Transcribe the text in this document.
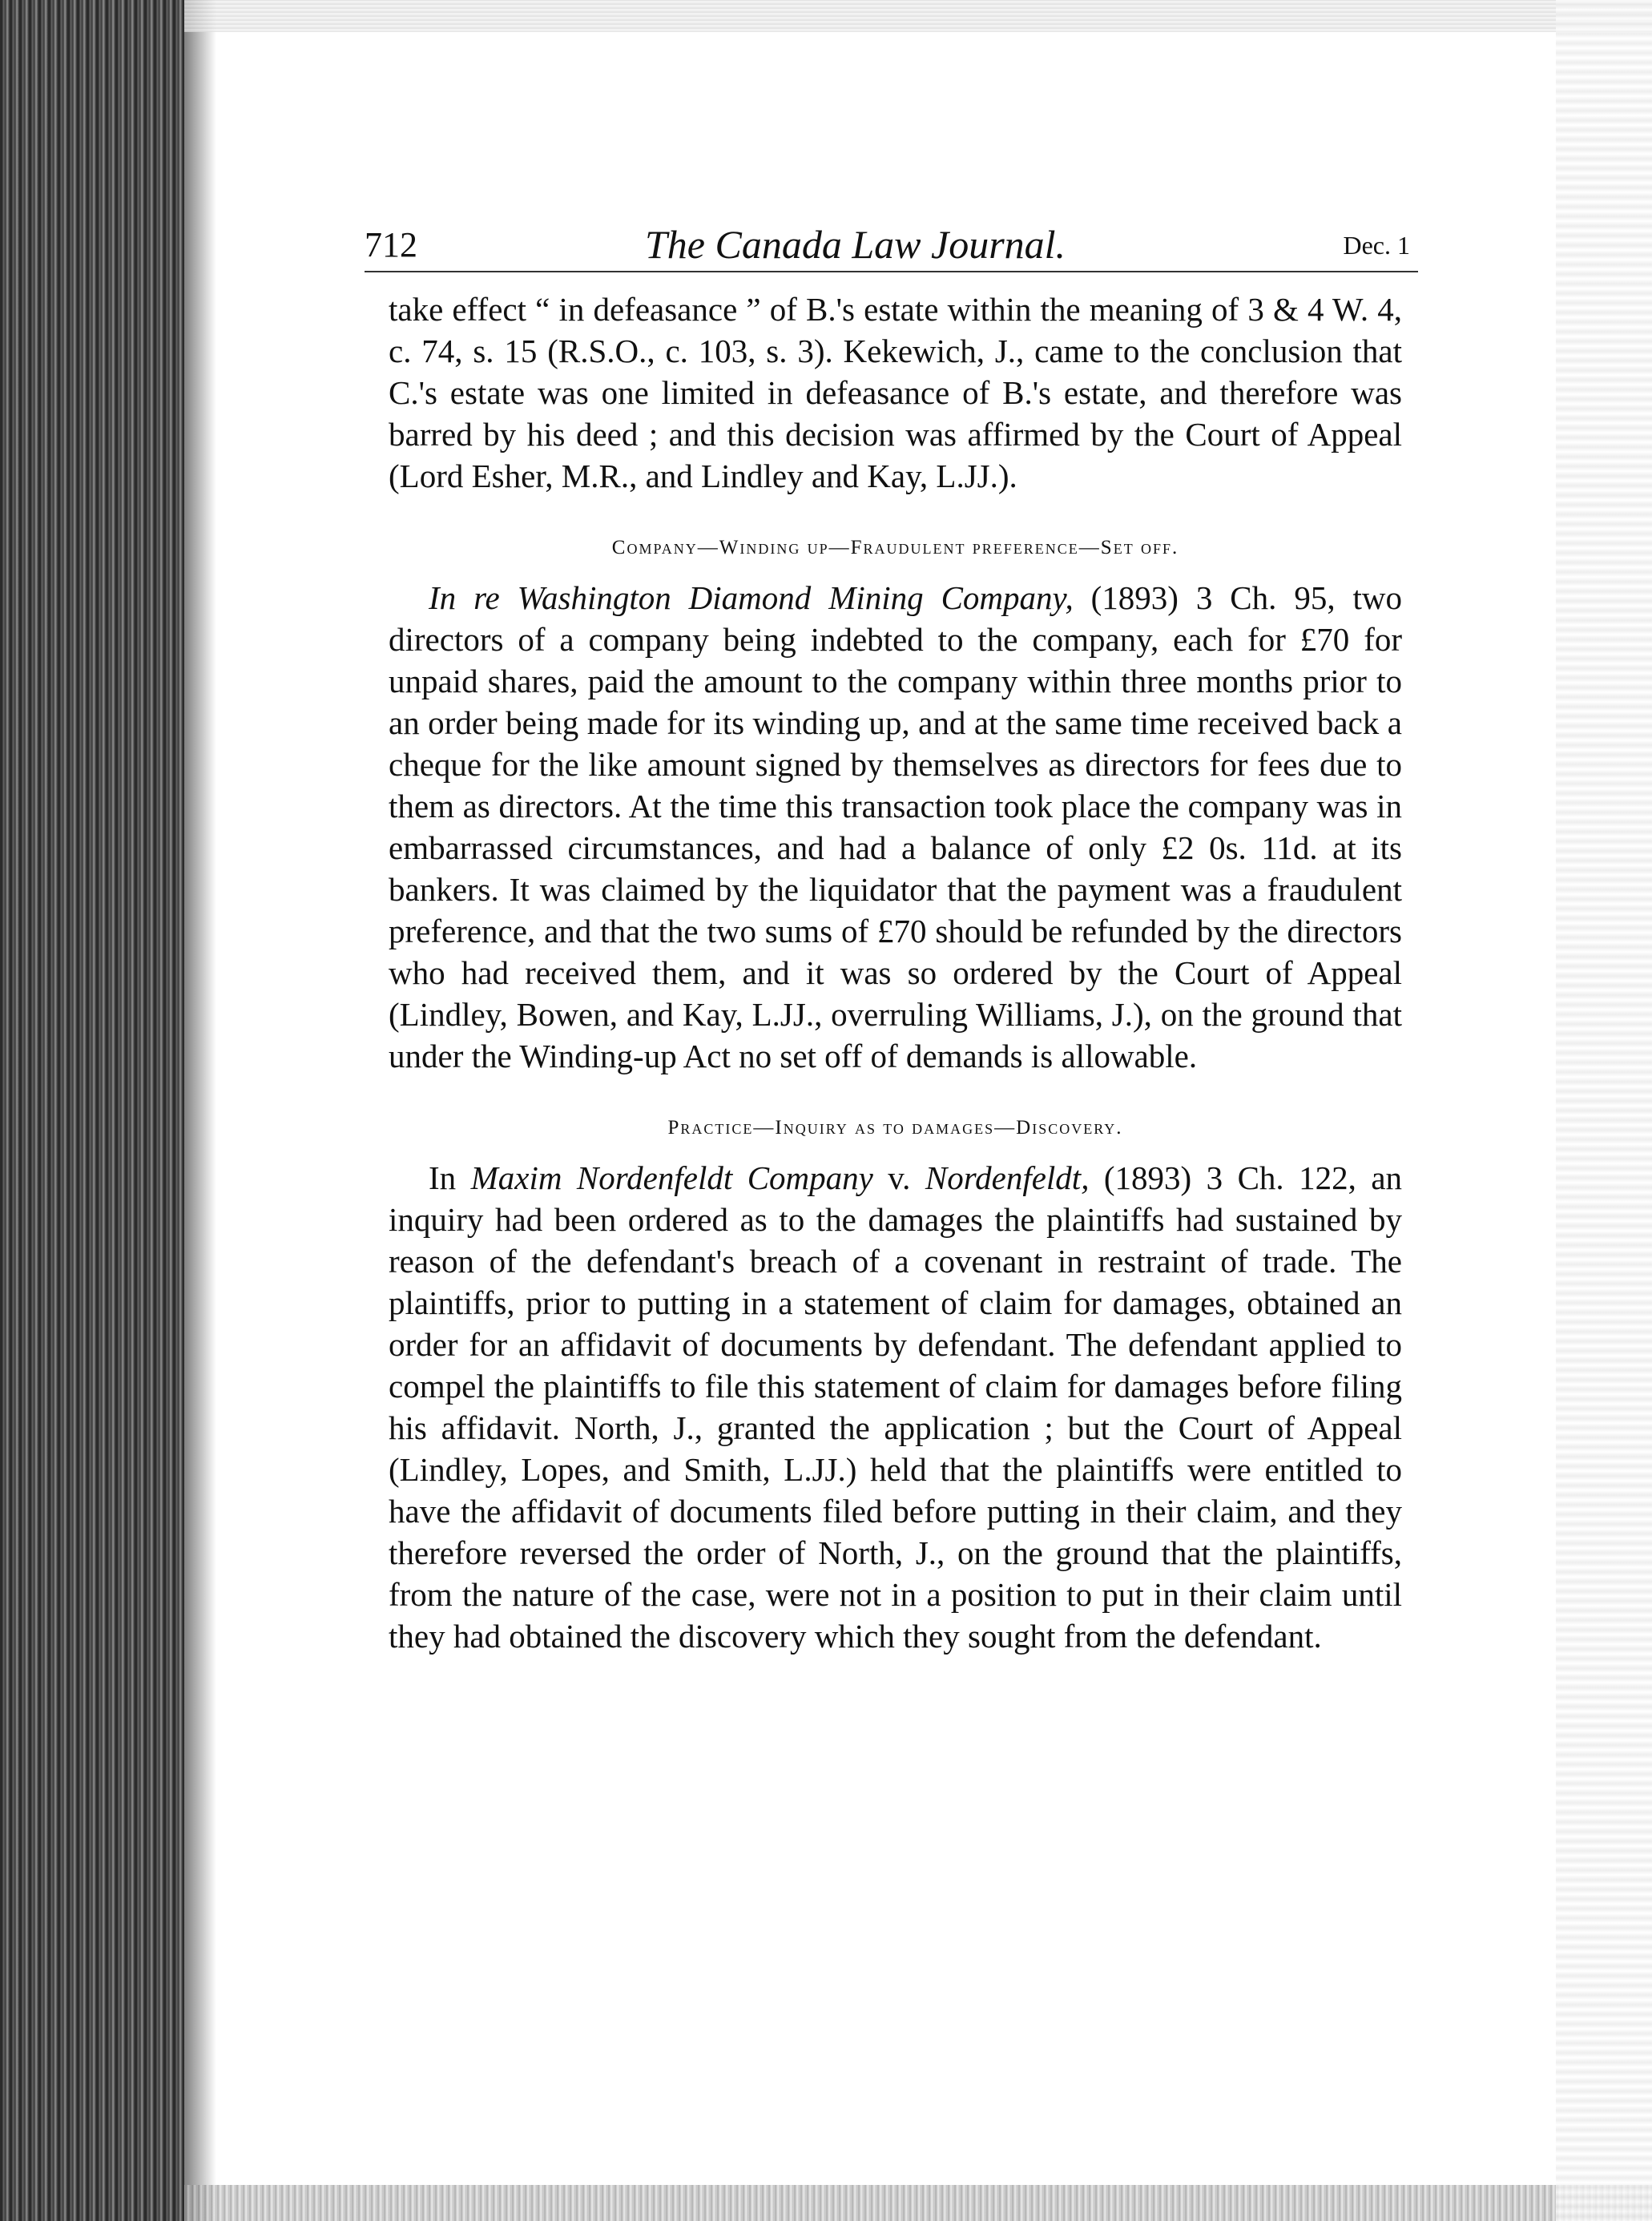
712	The Canada Law Journal.	Dec. 1

take effect “ in defeasance ” of B.'s estate within the meaning of 3 & 4 W. 4, c. 74, s. 15 (R.S.O., c. 103, s. 3). Kekewich, J., came to the conclusion that C.'s estate was one limited in defeasance of B.'s estate, and therefore was barred by his deed ; and this decision was affirmed by the Court of Appeal (Lord Esher, M.R., and Lindley and Kay, L.JJ.).

Company—Winding up—Fraudulent preference—Set off.

In re Washington Diamond Mining Company, (1893) 3 Ch. 95, two directors of a company being indebted to the company, each for £70 for unpaid shares, paid the amount to the company within three months prior to an order being made for its winding up, and at the same time received back a cheque for the like amount signed by themselves as directors for fees due to them as directors. At the time this transaction took place the company was in embarrassed circumstances, and had a balance of only £2 0s. 11d. at its bankers. It was claimed by the liquidator that the payment was a fraudulent preference, and that the two sums of £70 should be refunded by the directors who had received them, and it was so ordered by the Court of Appeal (Lindley, Bowen, and Kay, L.JJ., overruling Williams, J.), on the ground that under the Winding-up Act no set off of demands is allowable.

Practice—Inquiry as to damages—Discovery.

In Maxim Nordenfeldt Company v. Nordenfeldt, (1893) 3 Ch. 122, an inquiry had been ordered as to the damages the plaintiffs had sustained by reason of the defendant's breach of a covenant in restraint of trade. The plaintiffs, prior to putting in a statement of claim for damages, obtained an order for an affidavit of documents by defendant. The defendant applied to compel the plaintiffs to file this statement of claim for damages before filing his affidavit. North, J., granted the application ; but the Court of Appeal (Lindley, Lopes, and Smith, L.JJ.) held that the plaintiffs were entitled to have the affidavit of documents filed before putting in their claim, and they therefore reversed the order of North, J., on the ground that the plaintiffs, from the nature of the case, were not in a position to put in their claim until they had obtained the discovery which they sought from the defendant.
